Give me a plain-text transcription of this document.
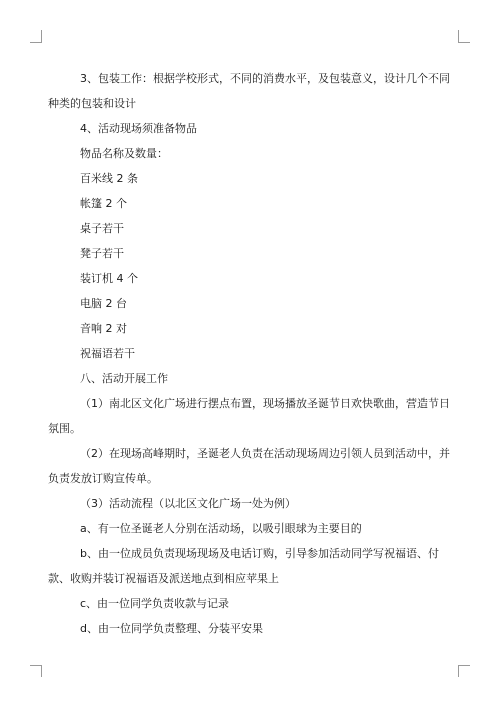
3、包装工作：根据学校形式，不同的消费水平，及包装意义，设计几个不同种类的包装和设计

4、活动现场须准备物品

物品名称及数量：

百米线 2 条

帐篷 2 个

桌子若干

凳子若干

装订机 4 个

电脑 2 台

音响 2 对

祝福语若干

八、活动开展工作

（1）南北区文化广场进行摆点布置，现场播放圣诞节日欢快歌曲，营造节日氛围。

（2）在现场高峰期时，圣诞老人负责在活动现场周边引领人员到活动中，并负责发放订购宣传单。

（3）活动流程（以北区文化广场一处为例）

a、有一位圣诞老人分别在活动场，以吸引眼球为主要目的

b、由一位成员负责现场现场及电话订购，引导参加活动同学写祝福语、付款、收购并装订祝福语及派送地点到相应苹果上

c、由一位同学负责收款与记录

d、由一位同学负责整理、分装平安果
